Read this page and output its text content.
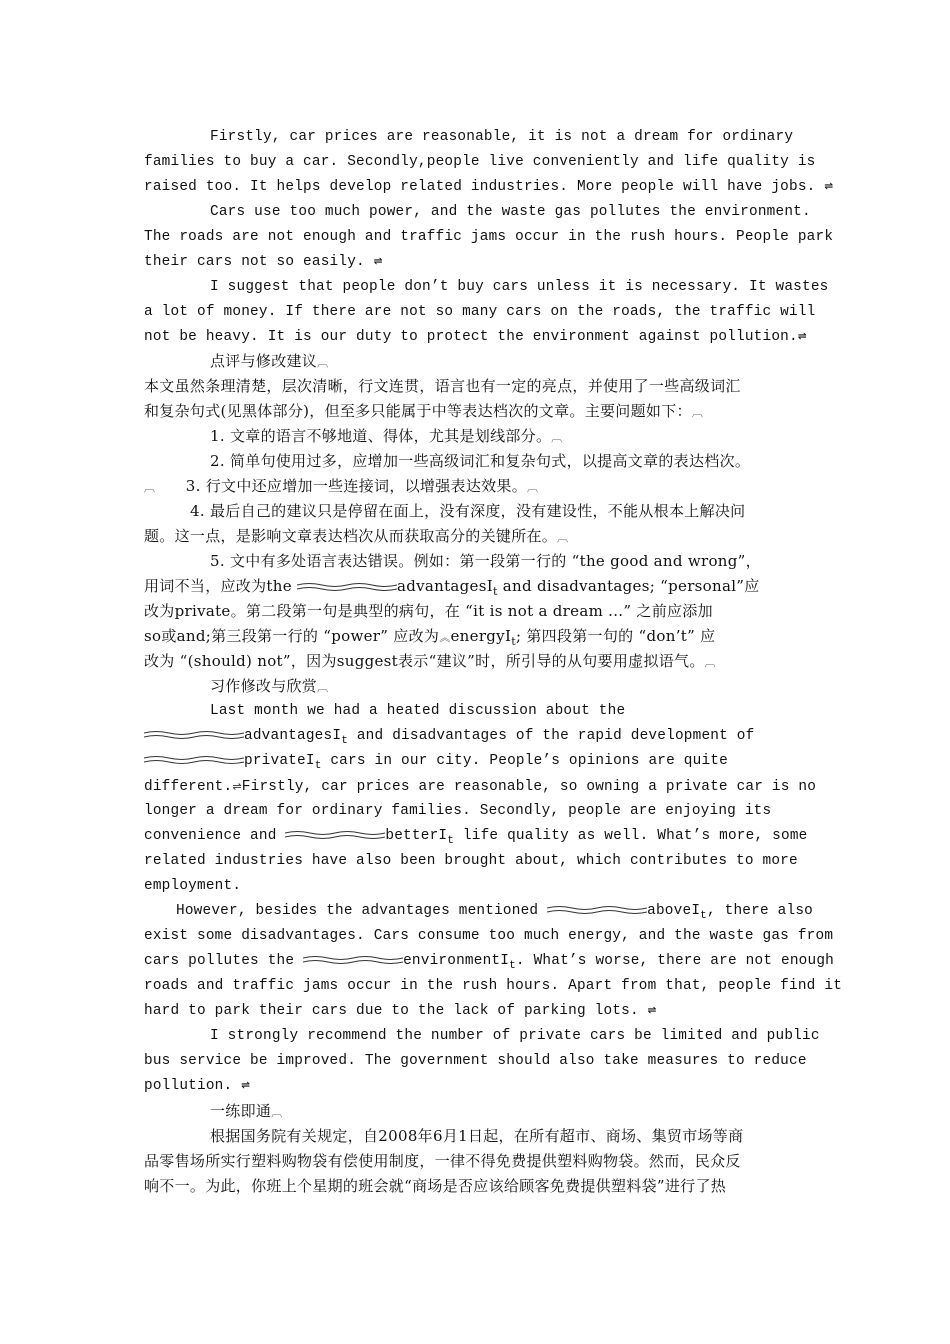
Firstly, car prices are reasonable, it is not a dream for ordinary
families to buy a car. Secondly,people live conveniently and life quality is
raised too. It helps develop related industries. More people will have jobs. ⇌
Cars use too much power, and the waste gas pollutes the environment.
The roads are not enough and traffic jams occur in the rush hours. People park
their cars not so easily. ⇌
I suggest that people don’t buy cars unless it is necessary. It wastes
a lot of money. If there are not so many cars on the roads, the traffic will
not be heavy. It is our duty to protect the environment against pollution.⇌
点评与修改建议︹
本文虽然条理清楚，层次清晰，行文连贯，语言也有一定的亮点，并使用了一些高级词汇
和复杂句式(见黑体部分)，但至多只能属于中等表达档次的文章。主要问题如下：︹
1. 文章的语言不够地道、得体，尤其是划线部分。︹
2. 简单句使用过多，应增加一些高级词汇和复杂句式，以提高文章的表达档次。
︹ 3. 行文中还应增加一些连接词，以增强表达效果。︹
4. 最后自己的建议只是停留在面上，没有深度，没有建设性，不能从根本上解决问
题。这一点，是影响文章表达档次从而获取高分的关键所在。︹
5. 文中有多处语言表达错误。例如：第一段第一行的 “the good and wrong”，
用词不当，应改为the	advantagesI$_t$ and disadvantages; “personal”应
改为private。第二段第一句是典型的病句，在 “it is not a dream ...” 之前应添加
so或and;第三段第一行的 “power” 应改为︽energyI$_t$; 第四段第一句的 “don’t” 应
改为 “(should) not”，因为suggest表示“建议”时，所引导的从句要用虚拟语气。︹
习作修改与欣赏︹
Last month we had a heated discussion about the
advantagesI$_t$ and disadvantages of the rapid development of
privateI$_t$ cars in our city. People’s opinions are quite
different.⇌Firstly, car prices are reasonable, so owning a private car is no
longer a dream for ordinary families. Secondly, people are enjoying its
convenience and	betterI$_t$ life quality as well. What’s more, some
related industries have also been brought about, which contributes to more
employment.
However, besides the advantages mentioned	aboveI$_t$, there also
exist some disadvantages. Cars consume too much energy, and the waste gas from
cars pollutes the	environmentI$_t$. What’s worse, there are not enough
roads and traffic jams occur in the rush hours. Apart from that, people find it
hard to park their cars due to the lack of parking lots. ⇌
I strongly recommend the number of private cars be limited and public
bus service be improved. The government should also take measures to reduce
pollution. ⇌
一练即通︹
根据国务院有关规定，自2008年6月1日起，在所有超市、商场、集贸市场等商
品零售场所实行塑料购物袋有偿使用制度，一律不得免费提供塑料购物袋。然而，民众反
响不一。为此，你班上个星期的班会就“商场是否应该给顾客免费提供塑料袋”进行了热
